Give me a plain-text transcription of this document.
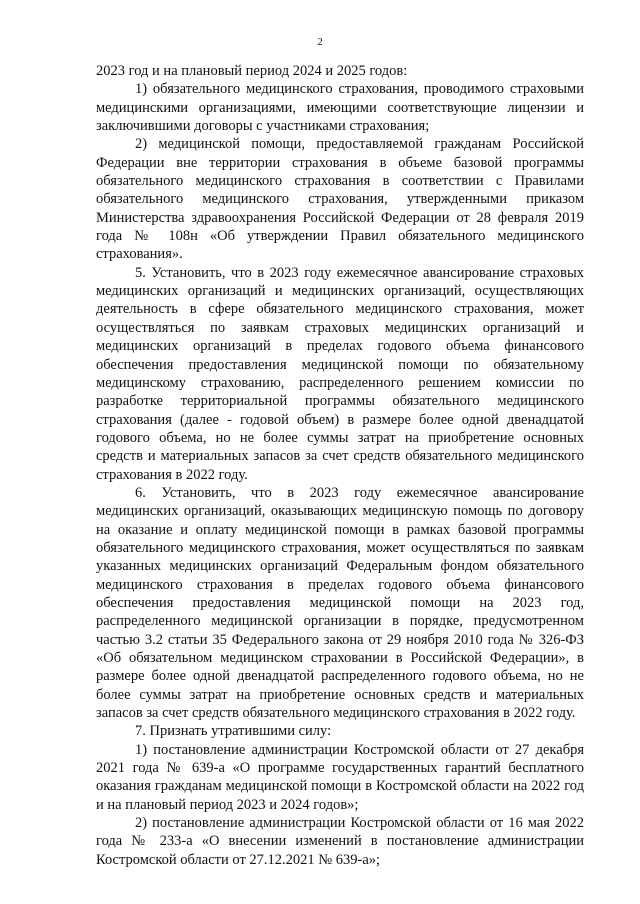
2

2023 год и на плановый период 2024 и 2025 годов:

1) обязательного медицинского страхования, проводимого страховыми медицинскими организациями, имеющими соответствующие лицензии и заключившими договоры с участниками страхования;

2) медицинской помощи, предоставляемой гражданам Российской Федерации вне территории страхования в объеме базовой программы обязательного медицинского страхования в соответствии с Правилами обязательного медицинского страхования, утвержденными приказом Министерства здравоохранения Российской Федерации от 28 февраля 2019 года № 108н «Об утверждении Правил обязательного медицинского страхования».

5. Установить, что в 2023 году ежемесячное авансирование страховых медицинских организаций и медицинских организаций, осуществляющих деятельность в сфере обязательного медицинского страхования, может осуществляться по заявкам страховых медицинских организаций и медицинских организаций в пределах годового объема финансового обеспечения предоставления медицинской помощи по обязательному медицинскому страхованию, распределенного решением комиссии по разработке территориальной программы обязательного медицинского страхования (далее - годовой объем) в размере более одной двенадцатой годового объема, но не более суммы затрат на приобретение основных средств и материальных запасов за счет средств обязательного медицинского страхования в 2022 году.

6. Установить, что в 2023 году ежемесячное авансирование медицинских организаций, оказывающих медицинскую помощь по договору на оказание и оплату медицинской помощи в рамках базовой программы обязательного медицинского страхования, может осуществляться по заявкам указанных медицинских организаций Федеральным фондом обязательного медицинского страхования в пределах годового объема финансового обеспечения предоставления медицинской помощи на 2023 год, распределенного медицинской организации в порядке, предусмотренном частью 3.2 статьи 35 Федерального закона от 29 ноября 2010 года № 326-ФЗ «Об обязательном медицинском страховании в Российской Федерации», в размере более одной двенадцатой распределенного годового объема, но не более суммы затрат на приобретение основных средств и материальных запасов за счет средств обязательного медицинского страхования в 2022 году.

7. Признать утратившими силу:

1) постановление администрации Костромской области от 27 декабря 2021 года № 639-а «О программе государственных гарантий бесплатного оказания гражданам медицинской помощи в Костромской области на 2022 год и на плановый период 2023 и 2024 годов»;

2) постановление администрации Костромской области от 16 мая 2022 года № 233-а «О внесении изменений в постановление администрации Костромской области от 27.12.2021 № 639-а»;
